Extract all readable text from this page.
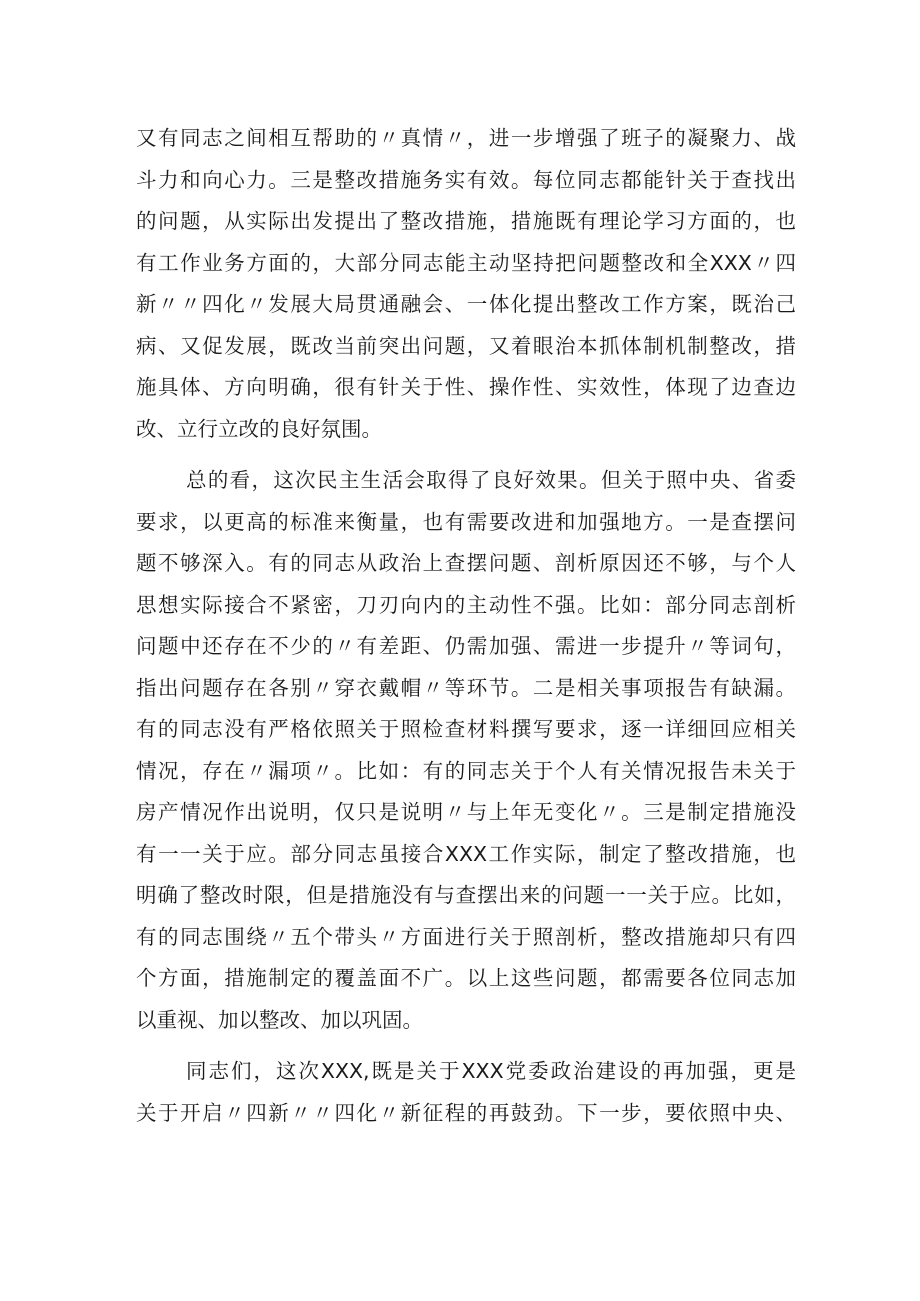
又有同志之间相互帮助的〃真情〃，进一步增强了班子的凝聚力、战
斗力和向心力。三是整改措施务实有效。每位同志都能针关于查找出
的问题，从实际出发提出了整改措施，措施既有理论学习方面的，也
有工作业务方面的，大部分同志能主动坚持把问题整改和全XXX〃四
新〃〃四化〃发展大局贯通融会、一体化提出整改工作方案，既治己
病、又促发展，既改当前突出问题，又着眼治本抓体制机制整改，措
施具体、方向明确，很有针关于性、操作性、实效性，体现了边查边
改、立行立改的良好氛围。
总的看，这次民主生活会取得了良好效果。但关于照中央、省委
要求，以更高的标准来衡量，也有需要改进和加强地方。一是查摆问
题不够深入。有的同志从政治上查摆问题、剖析原因还不够，与个人
思想实际接合不紧密，刀刃向内的主动性不强。比如：部分同志剖析
问题中还存在不少的〃有差距、仍需加强、需进一步提升〃等词句，
指出问题存在各别〃穿衣戴帽〃等环节。二是相关事项报告有缺漏。
有的同志没有严格依照关于照检查材料撰写要求，逐一详细回应相关
情况，存在〃漏项〃。比如：有的同志关于个人有关情况报告未关于
房产情况作出说明，仅只是说明〃与上年无变化〃。三是制定措施没
有一一关于应。部分同志虽接合XXX工作实际，制定了整改措施，也
明确了整改时限，但是措施没有与查摆出来的问题一一关于应。比如，
有的同志围绕〃五个带头〃方面进行关于照剖析，整改措施却只有四
个方面，措施制定的覆盖面不广。以上这些问题，都需要各位同志加
以重视、加以整改、加以巩固。
同志们，这次XXX,既是关于XXX党委政治建设的再加强，更是
关于开启〃四新〃〃四化〃新征程的再鼓劲。下一步，要依照中央、
